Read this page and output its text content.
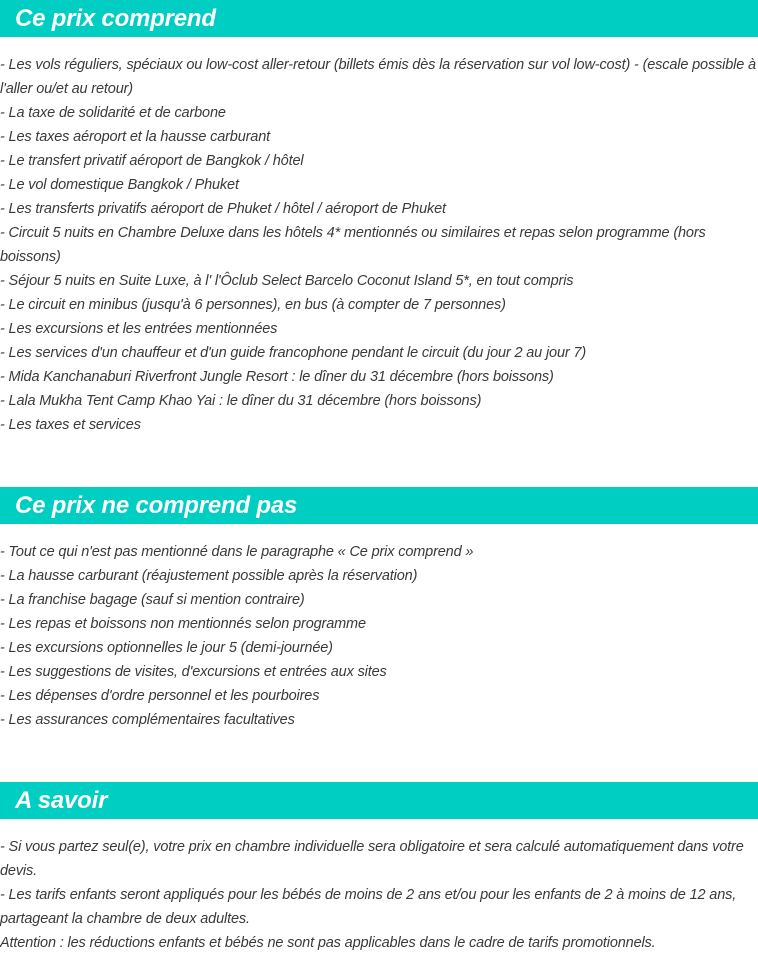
Ce prix comprend
- Les vols réguliers, spéciaux ou low-cost aller-retour (billets émis dès la réservation sur vol low-cost) - (escale possible à l'aller ou/et au retour)
- La taxe de solidarité et de carbone
- Les taxes aéroport et la hausse carburant
- Le transfert privatif aéroport de Bangkok / hôtel
- Le vol domestique Bangkok / Phuket
- Les transferts privatifs aéroport de Phuket / hôtel / aéroport de Phuket
- Circuit 5 nuits en Chambre Deluxe dans les hôtels 4* mentionnés ou similaires et repas selon programme (hors boissons)
- Séjour 5 nuits en Suite Luxe, à l' l'Ôclub Select Barcelo Coconut Island 5*, en tout compris
- Le circuit en minibus (jusqu'à 6 personnes), en bus (à compter de 7 personnes)
- Les excursions et les entrées mentionnées
- Les services d'un chauffeur et d'un guide francophone pendant le circuit (du jour 2 au jour 7)
- Mida Kanchanaburi Riverfront Jungle Resort : le dîner du 31 décembre (hors boissons)
- Lala Mukha Tent Camp Khao Yai : le dîner du 31 décembre (hors boissons)
- Les taxes et services
Ce prix ne comprend pas
- Tout ce qui n'est pas mentionné dans le paragraphe « Ce prix comprend »
- La hausse carburant (réajustement possible après la réservation)
- La franchise bagage (sauf si mention contraire)
- Les repas et boissons non mentionnés selon programme
- Les excursions optionnelles le jour 5 (demi-journée)
- Les suggestions de visites, d'excursions et entrées aux sites
- Les dépenses d'ordre personnel et les pourboires
- Les assurances complémentaires facultatives
A savoir
- Si vous partez seul(e), votre prix en chambre individuelle sera obligatoire et sera calculé automatiquement dans votre devis.
- Les tarifs enfants seront appliqués pour les bébés de moins de 2 ans et/ou pour les enfants de 2 à moins de 12 ans, partageant la chambre de deux adultes.
Attention : les réductions enfants et bébés ne sont pas applicables dans le cadre de tarifs promotionnels.
